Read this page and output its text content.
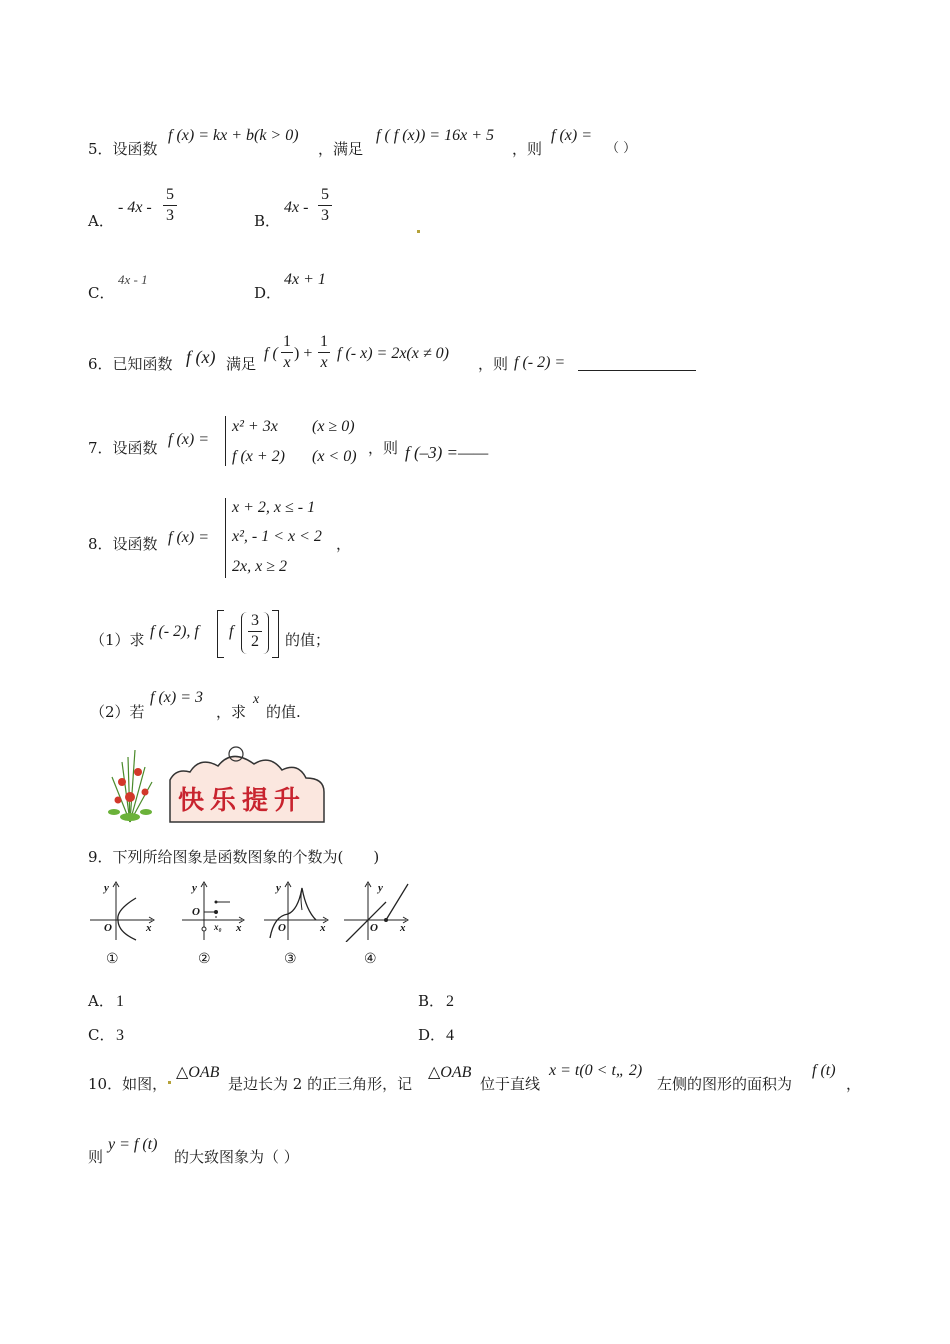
5．设函数
f (x) = kx + b(k > 0)
，满足
f ( f (x)) = 16x + 5
，则
f (x) =
（ ）
A．
- 4x -
5
3	B．
4x -
5
3
C．
4x - 1
D．
4x + 1
6．已知函数 f (x) 满足
f (
1
x
) +
1
x
f (- x) = 2x(x ≠ 0)
，则 f (- 2) =
7．设函数 f (x) =
x² + 3x (x ≥ 0)
f (x + 2) (x < 0) ，则 f (–3) =——
8．设函数 f (x) =
x + 2, x ≤ - 1
x², - 1 < x < 2
2x, x ≥ 2
，
（1）求 f (- 2), f f
3
2 的值；
（2）若
f (x) = 3
，求
x
的值.
快乐提升
9．下列所给图象是函数图象的个数为(　　)
y
x
O
①
y
x
O
x₀
②
y
x
O
③
y
x
O
④
A． 1	B． 2
C． 3	D． 4
10．如图，
△OAB
是边长为 2 的正三角形，记
△OAB
位于直线
x = t(0 < t„ 2)
左侧的图形的面积为
f (t)
，
则
y = f (t)
的大致图象为（ ）
